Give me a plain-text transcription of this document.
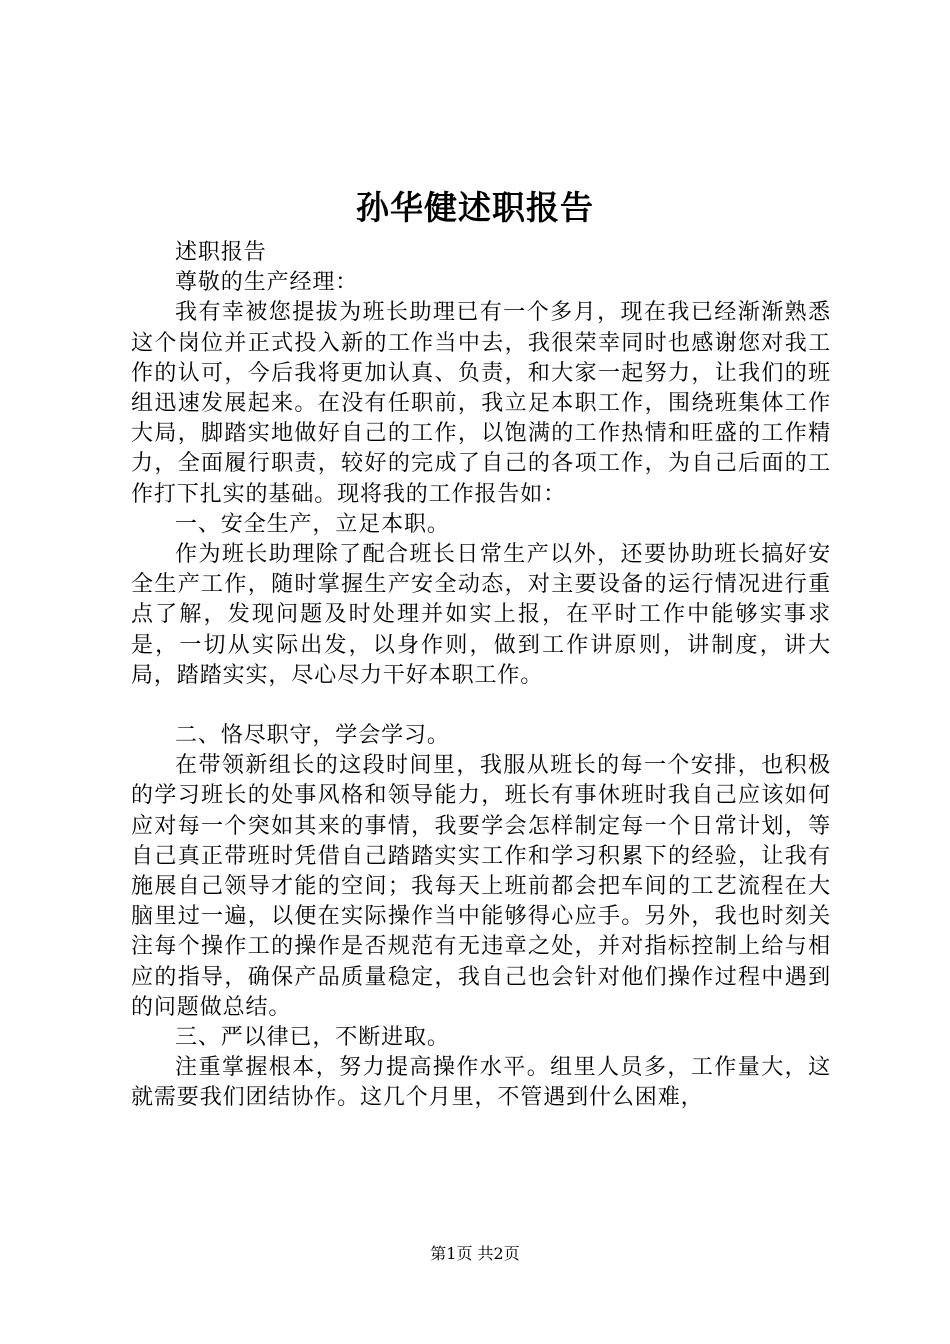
孙华健述职报告

述职报告

尊敬的生产经理：

我有幸被您提拔为班长助理已有一个多月，现在我已经渐渐熟悉这个岗位并正式投入新的工作当中去，我很荣幸同时也感谢您对我工作的认可，今后我将更加认真、负责，和大家一起努力，让我们的班组迅速发展起来。在没有任职前，我立足本职工作，围绕班集体工作大局，脚踏实地做好自己的工作，以饱满的工作热情和旺盛的工作精力，全面履行职责，较好的完成了自己的各项工作，为自己后面的工作打下扎实的基础。现将我的工作报告如：

一、安全生产，立足本职。

作为班长助理除了配合班长日常生产以外，还要协助班长搞好安全生产工作，随时掌握生产安全动态，对主要设备的运行情况进行重点了解，发现问题及时处理并如实上报，在平时工作中能够实事求是，一切从实际出发，以身作则，做到工作讲原则，讲制度，讲大局，踏踏实实，尽心尽力干好本职工作。

二、恪尽职守，学会学习。

在带领新组长的这段时间里，我服从班长的每一个安排，也积极的学习班长的处事风格和领导能力，班长有事休班时我自己应该如何应对每一个突如其来的事情，我要学会怎样制定每一个日常计划，等自己真正带班时凭借自己踏踏实实工作和学习积累下的经验，让我有施展自己领导才能的空间；我每天上班前都会把车间的工艺流程在大脑里过一遍，以便在实际操作当中能够得心应手。另外，我也时刻关注每个操作工的操作是否规范有无违章之处，并对指标控制上给与相应的指导，确保产品质量稳定，我自己也会针对他们操作过程中遇到的问题做总结。

三、严以律已，不断进取。

注重掌握根本，努力提高操作水平。组里人员多，工作量大，这就需要我们团结协作。这几个月里，不管遇到什么困难，

第1页 共2页
